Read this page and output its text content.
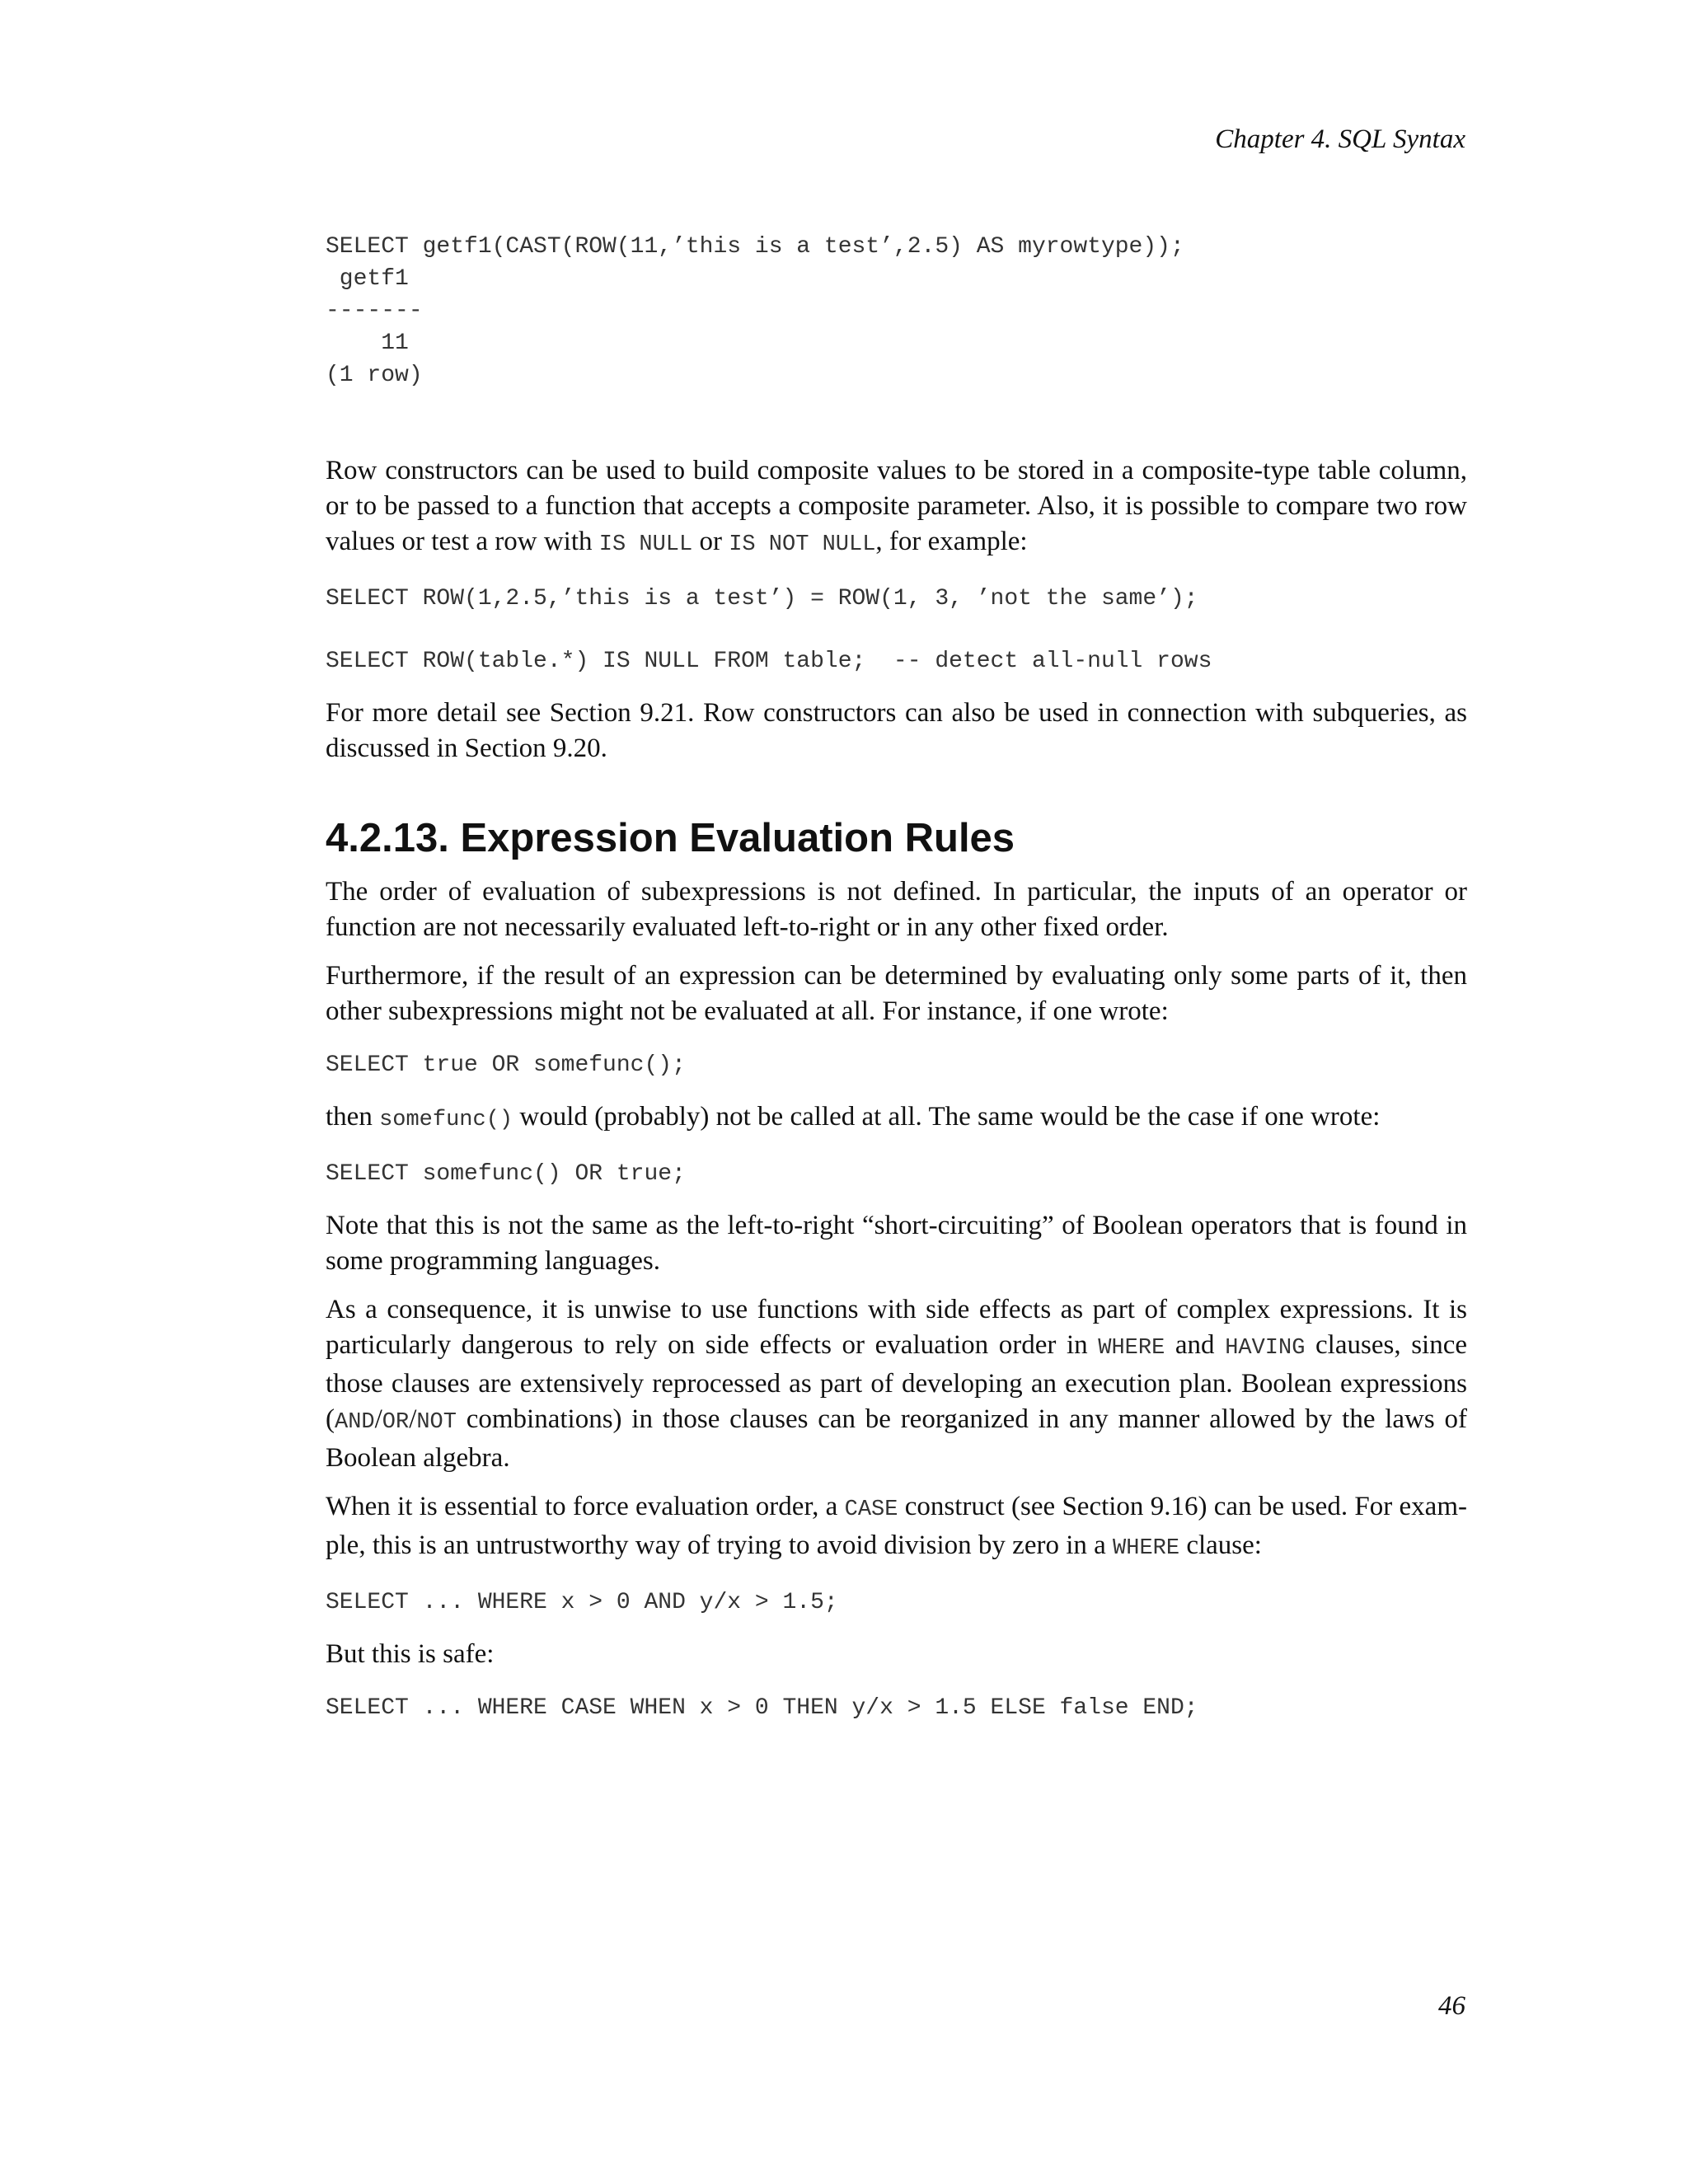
Chapter 4. SQL Syntax
SELECT getf1(CAST(ROW(11,’this is a test’,2.5) AS myrowtype));
getf1
-------
11
(1 row)

Row constructors can be used to build composite values to be stored in a composite-type table column, or to be passed to a function that accepts a composite parameter. Also, it is possible to compare two row values or test a row with IS NULL or IS NOT NULL, for example:

SELECT ROW(1,2.5,’this is a test’) = ROW(1, 3, ’not the same’);
SELECT ROW(table.*) IS NULL FROM table;  -- detect all-null rows

For more detail see Section 9.21. Row constructors can also be used in connection with subqueries, as discussed in Section 9.20.

4.2.13. Expression Evaluation Rules

The order of evaluation of subexpressions is not defined. In particular, the inputs of an operator or function are not necessarily evaluated left-to-right or in any other fixed order.

Furthermore, if the result of an expression can be determined by evaluating only some parts of it, then other subexpressions might not be evaluated at all. For instance, if one wrote:

SELECT true OR somefunc();

then somefunc() would (probably) not be called at all. The same would be the case if one wrote:

SELECT somefunc() OR true;

Note that this is not the same as the left-to-right “short-circuiting” of Boolean operators that is found in some programming languages.

As a consequence, it is unwise to use functions with side effects as part of complex expressions. It is particularly dangerous to rely on side effects or evaluation order in WHERE and HAVING clauses, since those clauses are extensively reprocessed as part of developing an execution plan. Boolean expressions (AND/OR/NOT combinations) in those clauses can be reorganized in any manner allowed by the laws of Boolean algebra.

When it is essential to force evaluation order, a CASE construct (see Section 9.16) can be used. For exam-ple, this is an untrustworthy way of trying to avoid division by zero in a WHERE clause:

SELECT ... WHERE x > 0 AND y/x > 1.5;

But this is safe:

SELECT ... WHERE CASE WHEN x > 0 THEN y/x > 1.5 ELSE false END;
46
